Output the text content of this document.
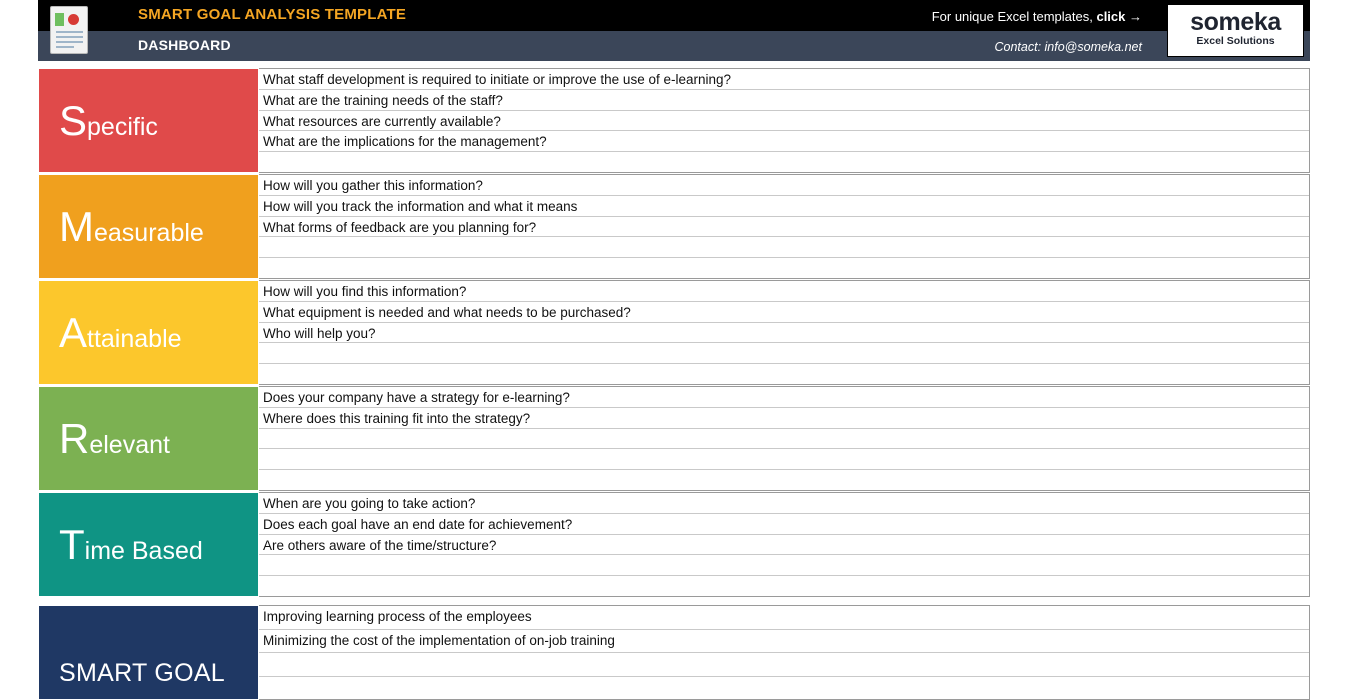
SMART GOAL ANALYSIS TEMPLATE
DASHBOARD
For unique Excel templates, click →
Contact: info@someka.net
someka
Excel Solutions
Specific
What staff development is required to initiate or improve the use of e-learning?
What are the training needs of the staff?
What resources are currently available?
What are the implications for the management?
Measurable
How will you gather this information?
How will you track the information and what it means
What forms of feedback are you planning for?
Attainable
How will you find this information?
What equipment is needed and what needs to be purchased?
Who will help you?
Relevant
Does your company have a strategy for e-learning?
Where does this training fit into the strategy?
Time Based
When are you going to take action?
Does each goal have an end date for achievement?
Are others aware of the time/structure?
SMART GOAL
Improving learning process of the employees
Minimizing the cost of the implementation of on-job training
